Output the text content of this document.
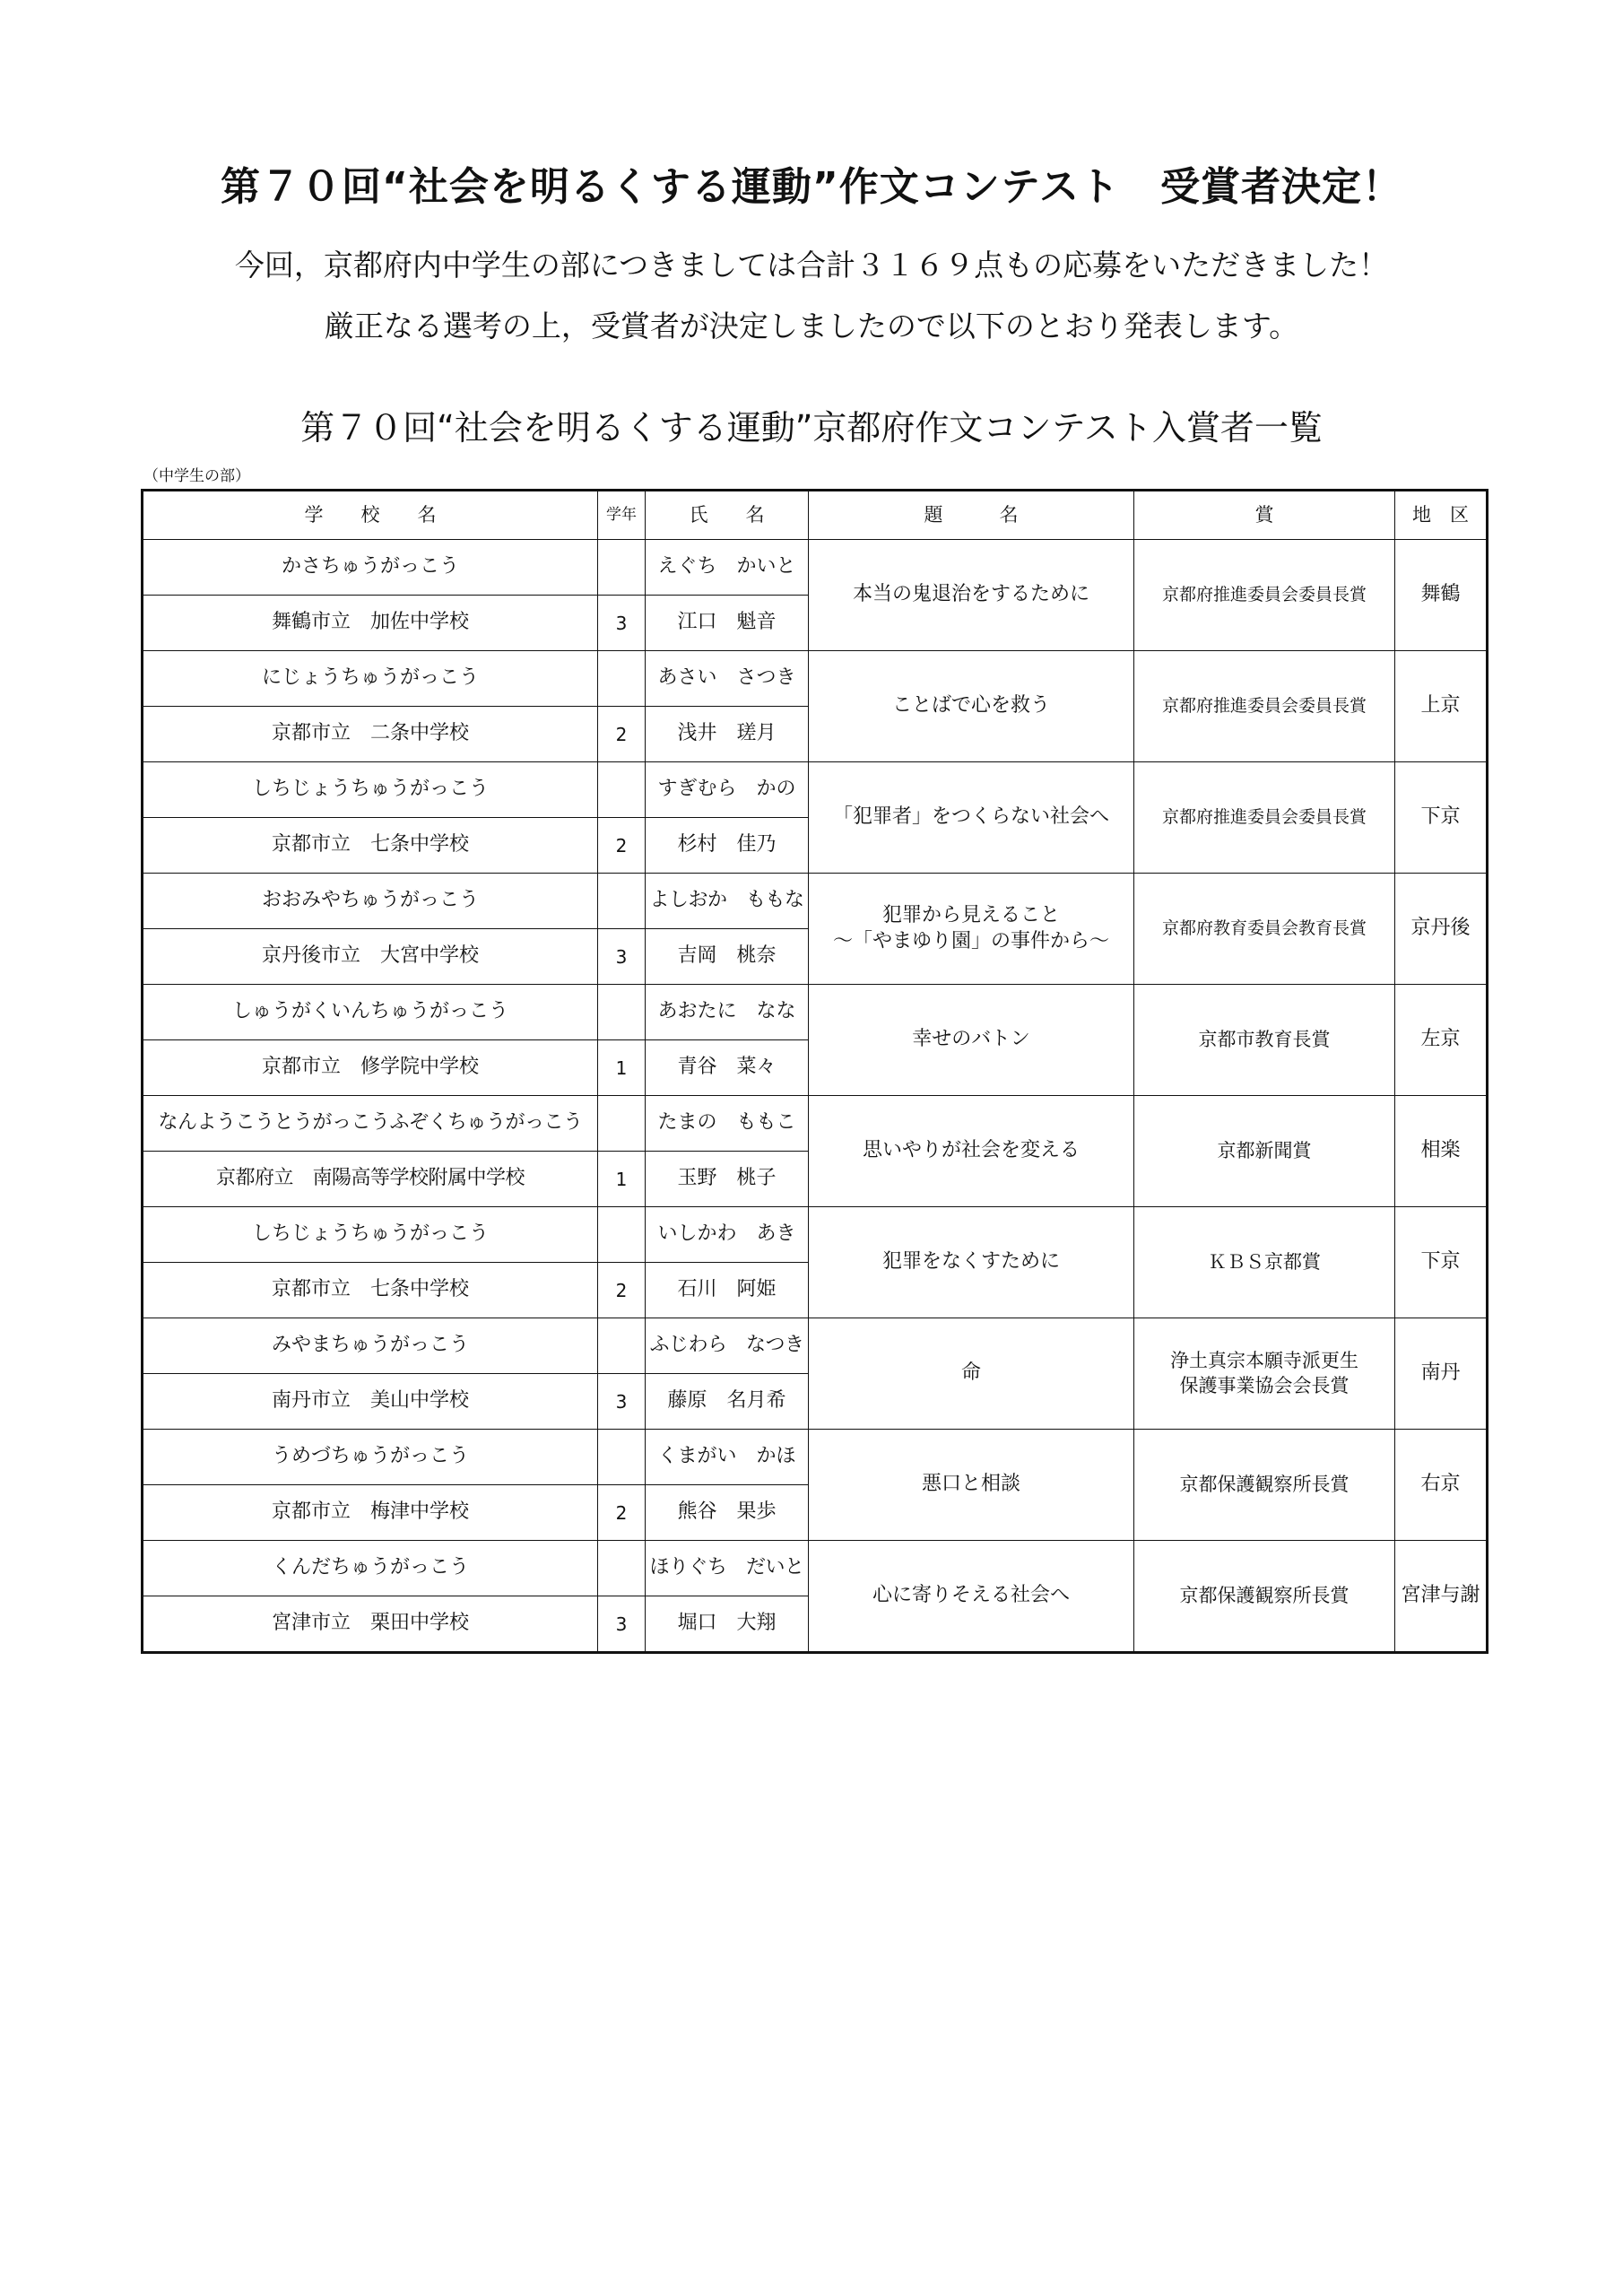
第７０回“社会を明るくする運動”作文コンテスト　受賞者決定！
今回，京都府内中学生の部につきましては合計３１６９点もの応募をいただきました！
厳正なる選考の上，受賞者が決定しましたので以下のとおり発表します。
第７０回“社会を明るくする運動”京都府作文コンテスト入賞者一覧
（中学生の部）
学　　校　　名	学年	氏　　名	題　　　名	賞	地　区
かさちゅうがっこう		えぐち　かいと	本当の鬼退治をするために	京都府推進委員会委員長賞	舞鶴
舞鶴市立　加佐中学校	3	江口　魁音			
にじょうちゅうがっこう		あさい　さつき	ことばで心を救う	京都府推進委員会委員長賞	上京
京都市立　二条中学校	2	浅井　瑳月			
しちじょうちゅうがっこう		すぎむら　かの	「犯罪者」をつくらない社会へ	京都府推進委員会委員長賞	下京
京都市立　七条中学校	2	杉村　佳乃			
おおみやちゅうがっこう		よしおか　ももな	犯罪から見えること
～「やまゆり園」の事件から～	京都府教育委員会教育長賞	京丹後
京丹後市立　大宮中学校	3	吉岡　桃奈			
しゅうがくいんちゅうがっこう		あおたに　なな	幸せのバトン	京都市教育長賞	左京
京都市立　修学院中学校	1	青谷　菜々			
なんようこうとうがっこうふぞくちゅうがっこう		たまの　ももこ	思いやりが社会を変える	京都新聞賞	相楽
京都府立　南陽高等学校附属中学校	1	玉野　桃子			
しちじょうちゅうがっこう		いしかわ　あき	犯罪をなくすために	ＫＢＳ京都賞	下京
京都市立　七条中学校	2	石川　阿姫			
みやまちゅうがっこう		ふじわら　なつき	命	浄土真宗本願寺派更生
保護事業協会会長賞	南丹
南丹市立　美山中学校	3	藤原　名月希			
うめづちゅうがっこう		くまがい　かほ	悪口と相談	京都保護観察所長賞	右京
京都市立　梅津中学校	2	熊谷　果歩			
くんだちゅうがっこう		ほりぐち　だいと	心に寄りそえる社会へ	京都保護観察所長賞	宮津与謝
宮津市立　栗田中学校	3	堀口　大翔			
